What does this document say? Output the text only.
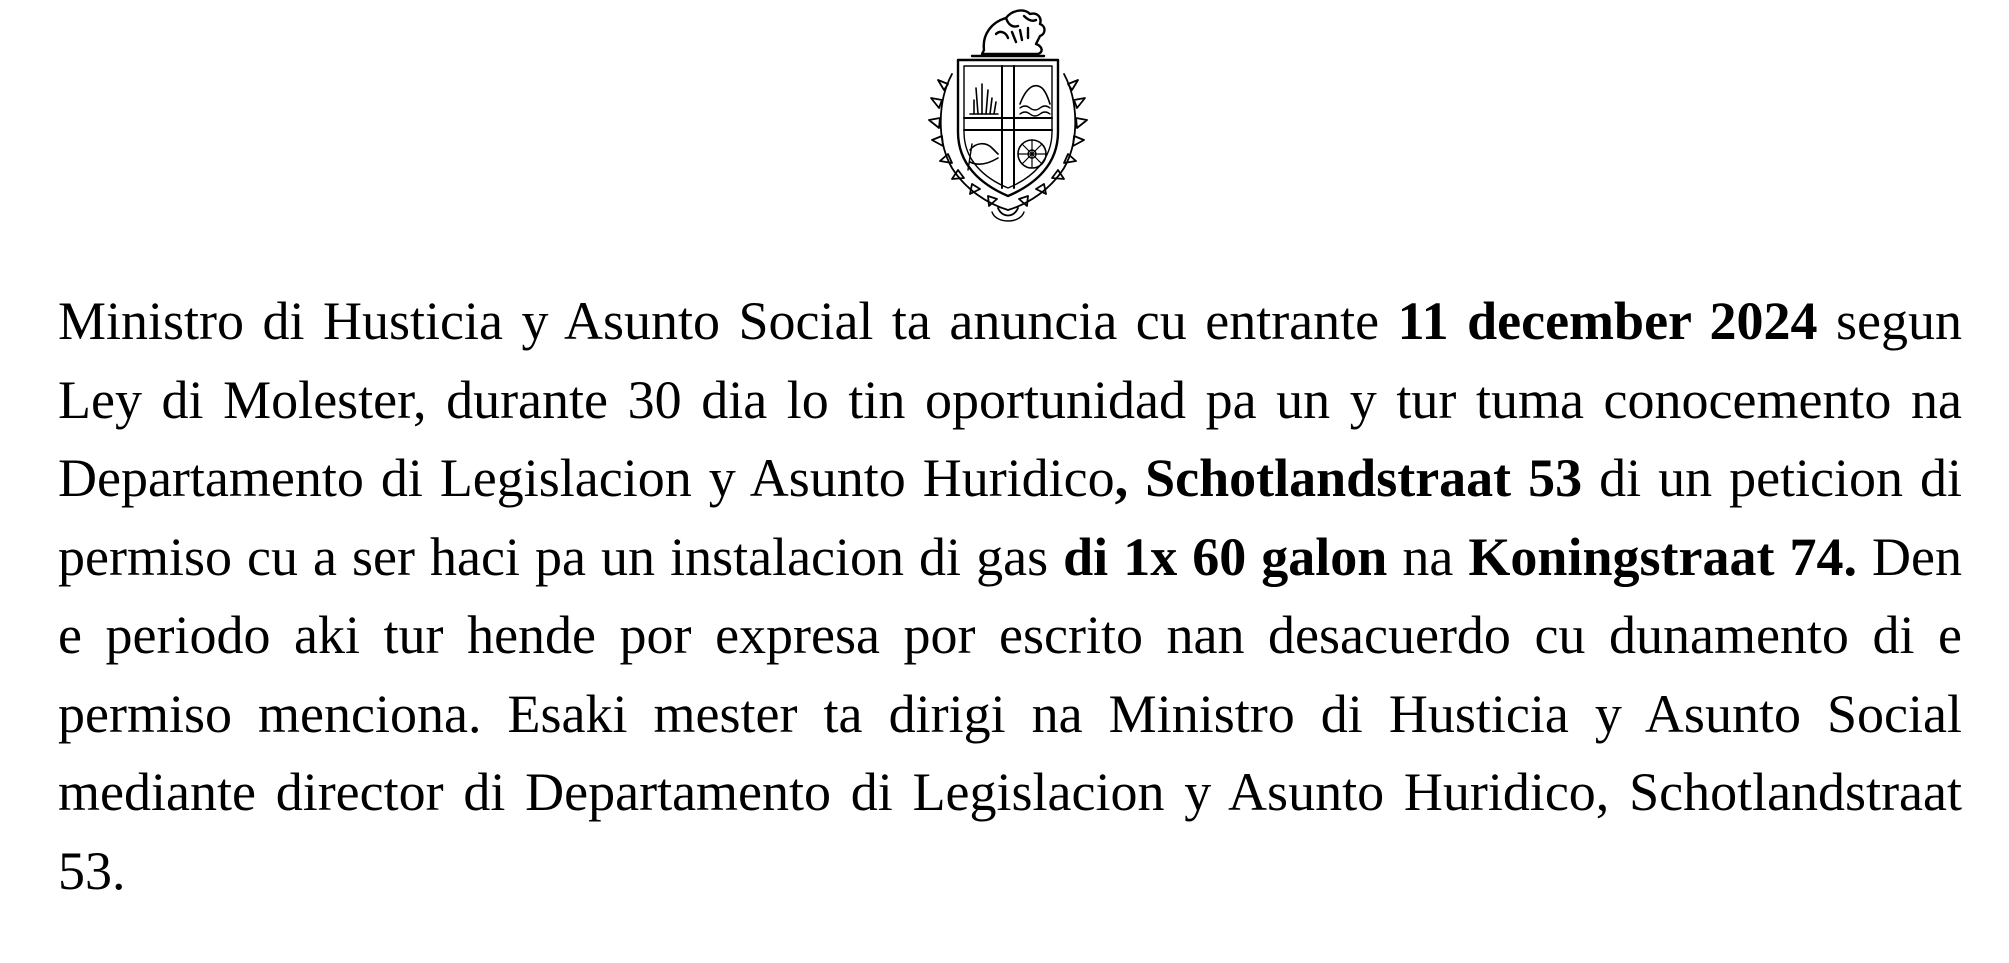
Ministro di Husticia y Asunto Social ta anuncia cu entrante 11 december 2024 segun Ley di Molester, durante 30 dia lo tin oportunidad pa un y tur tuma conocemento na Departamento di Legislacion y Asunto Huridico, Schotlandstraat 53 di un peticion di permiso cu a ser haci pa un instalacion di gas di 1x 60 galon na Koningstraat 74. Den e periodo aki tur hende por expresa por escrito nan desacuerdo cu dunamento di e permiso menciona. Esaki mester ta dirigi na Ministro di Husticia y Asunto Social mediante director di Departamento di Legislacion y Asunto Huridico, Schotlandstraat 53.
